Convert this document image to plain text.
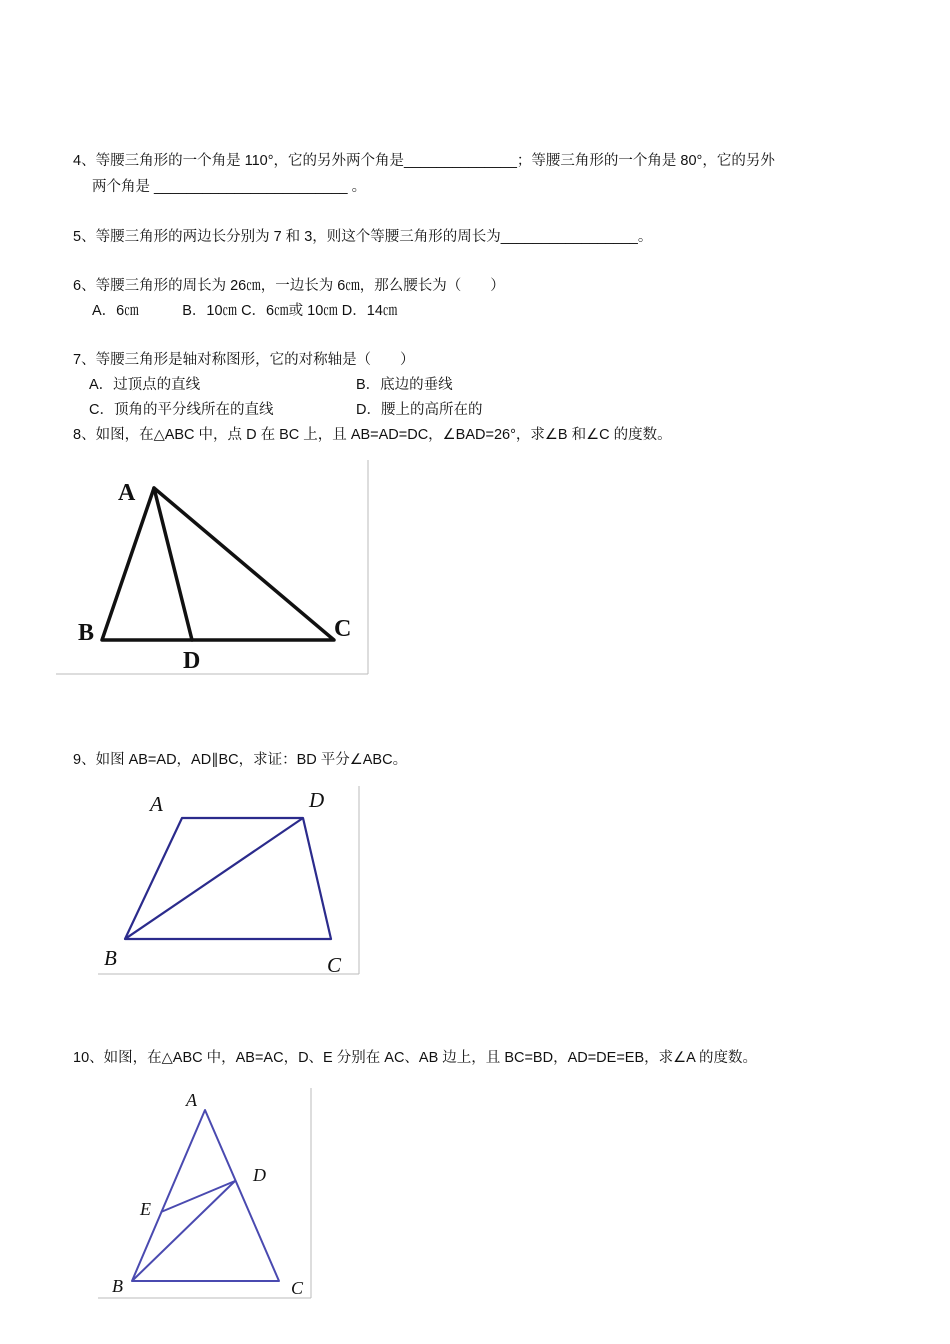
4、等腰三角形的一个角是 110°，它的另外两个角是______________；等腰三角形的一个角是 80°，它的另外
两个角是 ________________________ 。
5、等腰三角形的两边长分别为 7 和 3，则这个等腰三角形的周长为_________________。
6、等腰三角形的周长为 26㎝，一边长为 6㎝，那么腰长为（　　）
A．6㎝　　　B．10㎝ C．6㎝或 10㎝ D．14㎝
7、等腰三角形是轴对称图形，它的对称轴是（　　）
A．过顶点的直线	B．底边的垂线
C．顶角的平分线所在的直线	D．腰上的高所在的
8、如图，在△ABC 中，点 D 在 BC 上，且 AB=AD=DC，∠BAD=26°，求∠B 和∠C 的度数。
A
B	C
D
9、如图 AB=AD，AD∥BC，求证：BD 平分∠ABC。
A	D
B	C
10、如图，在△ABC 中，AB=AC，D、E 分别在 AC、AB 边上，且 BC=BD，AD=DE=EB，求∠A 的度数。
A
D
E
B	C
